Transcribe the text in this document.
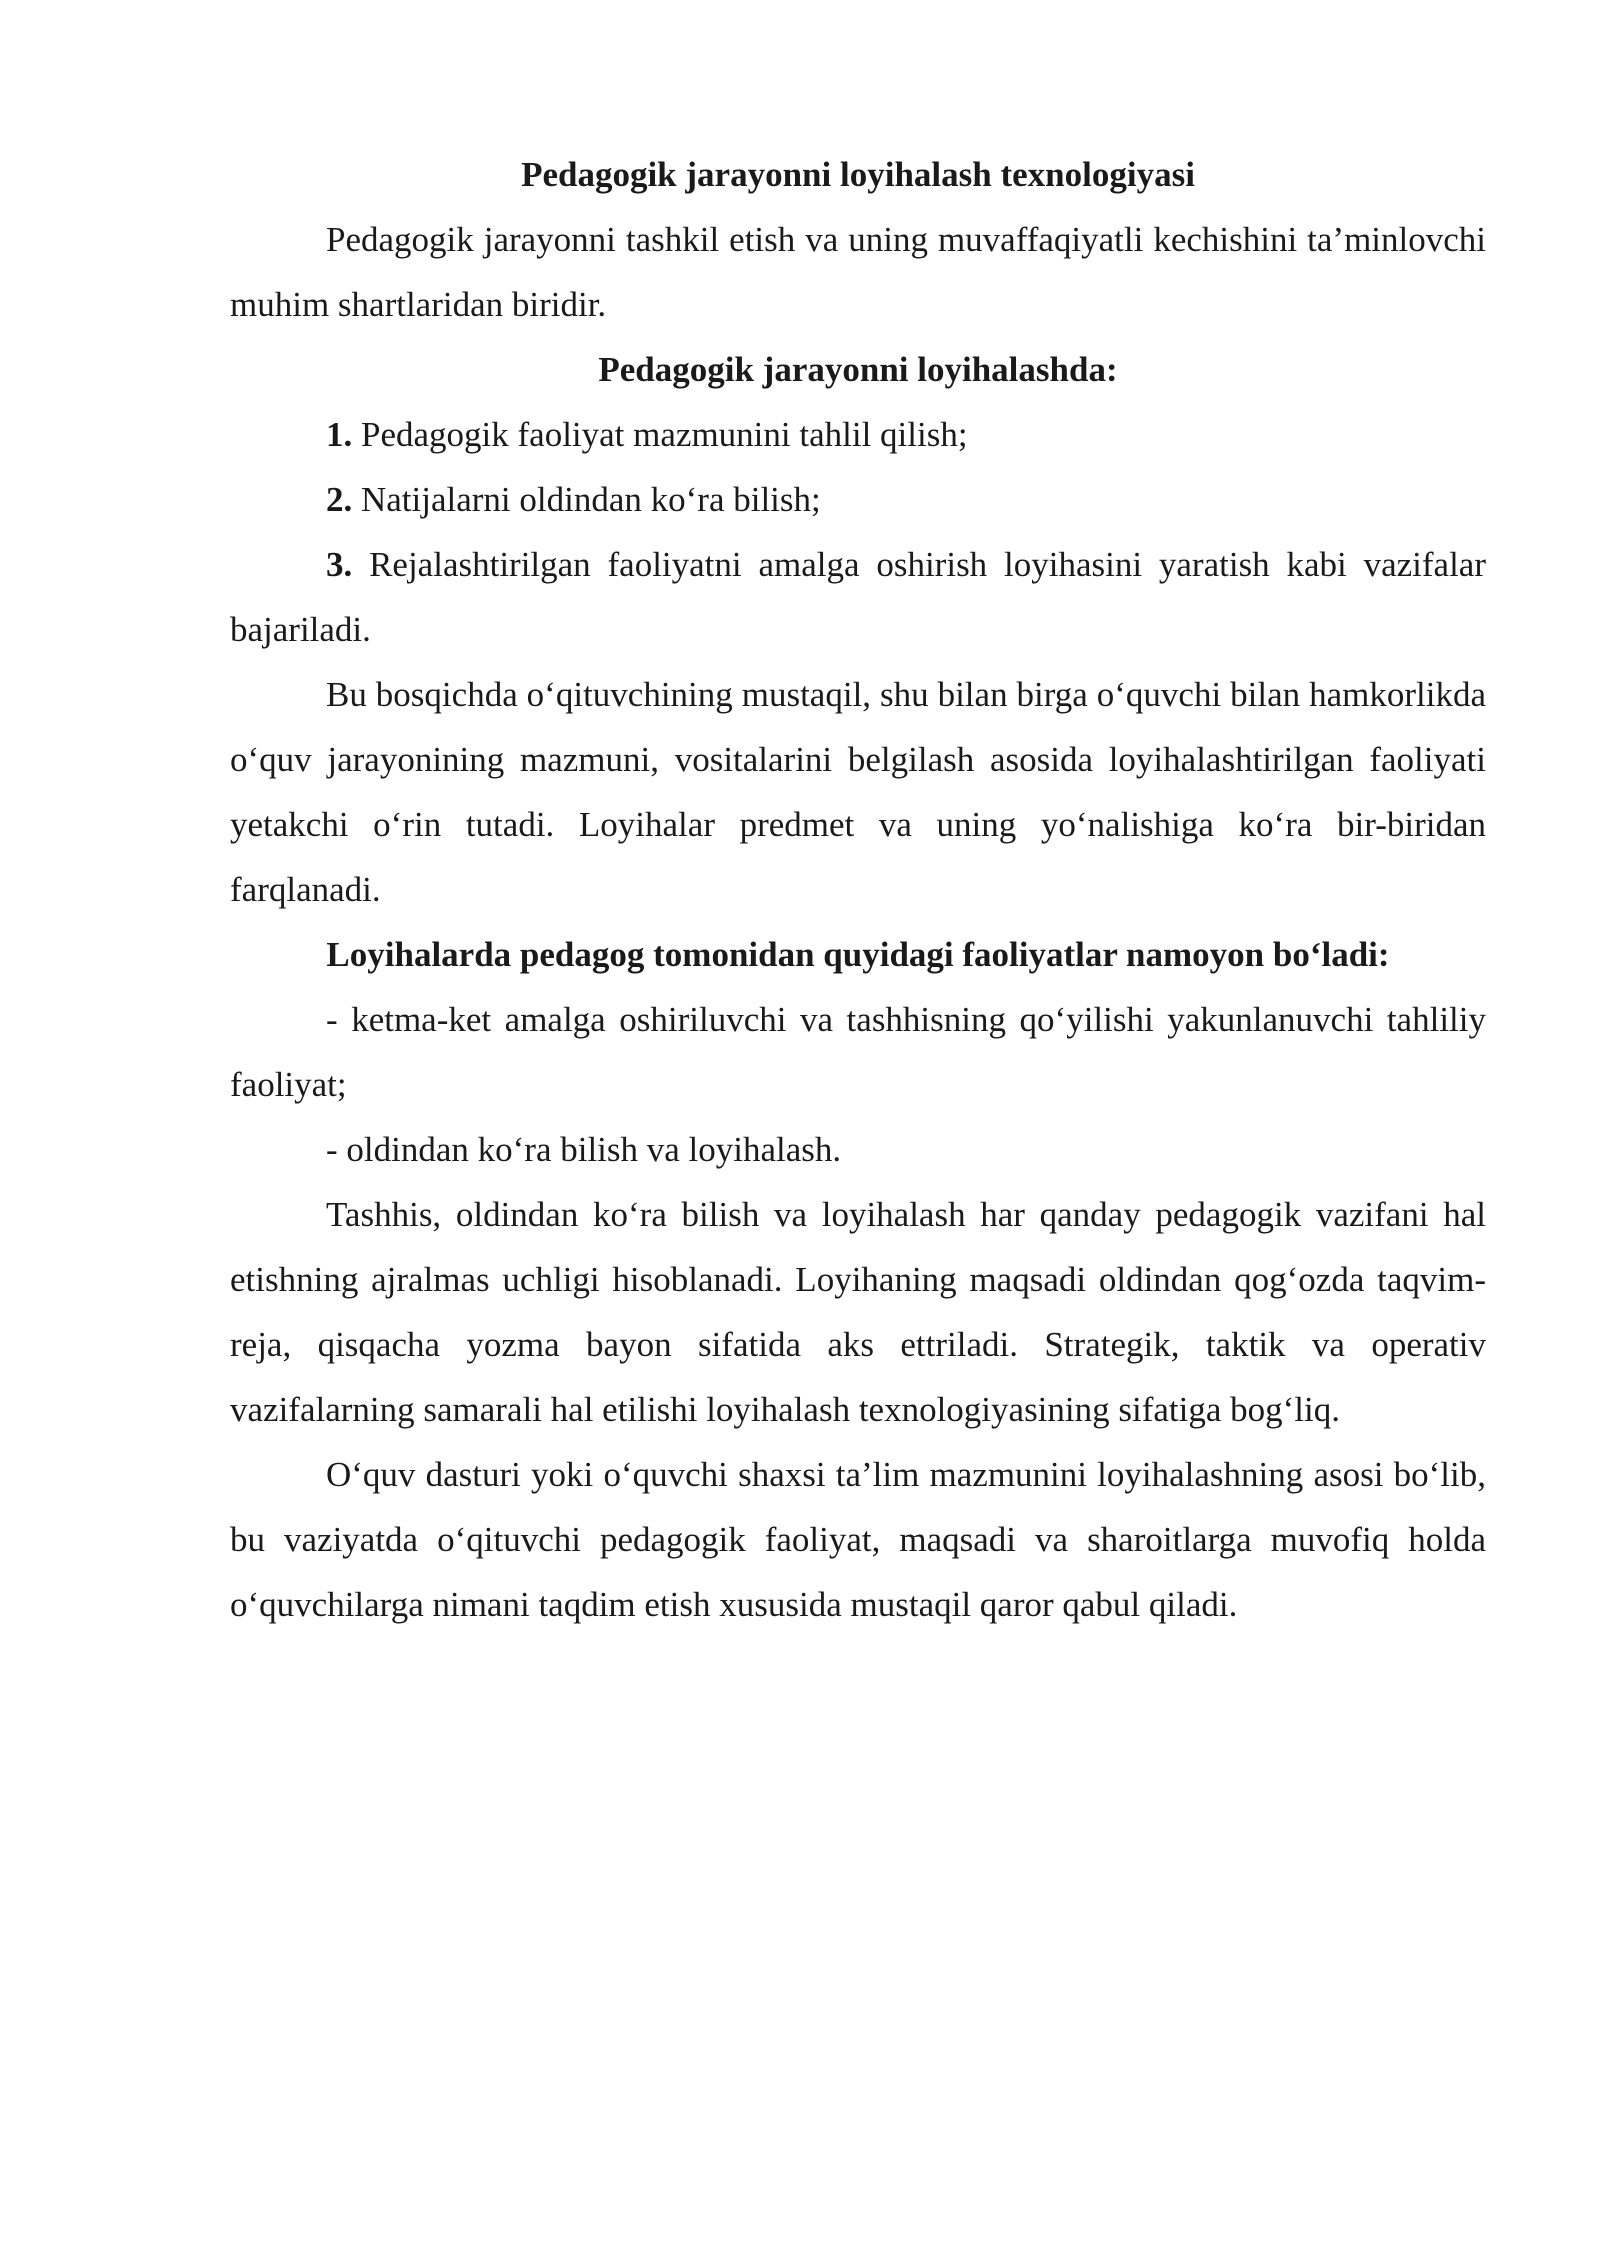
Pedagogik jarayonni loyihalash texnologiyasi

Pedagogik jarayonni tashkil etish va uning muvaffaqiyatli kechishini ta’minlovchi muhim shartlaridan biridir.

Pedagogik jarayonni loyihalashda:

1. Pedagogik faoliyat mazmunini tahlil qilish;

2. Natijalarni oldindan ko‘ra bilish;

3. Rejalashtirilgan faoliyatni amalga oshirish loyihasini yaratish kabi vazifalar bajariladi.

Bu bosqichda o‘qituvchining mustaqil, shu bilan birga o‘quvchi bilan hamkorlikda o‘quv jarayonining mazmuni, vositalarini belgilash asosida loyihalashtirilgan faoliyati yetakchi o‘rin tutadi. Loyihalar predmet va uning yo‘nalishiga ko‘ra bir-biridan farqlanadi.

Loyihalarda pedagog tomonidan quyidagi faoliyatlar namoyon bo‘ladi:

- ketma-ket amalga oshiriluvchi va tashhisning qo‘yilishi yakunlanuvchi tahliliy faoliyat;

- oldindan ko‘ra bilish va loyihalash.

Tashhis, oldindan ko‘ra bilish va loyihalash har qanday pedagogik vazifani hal etishning ajralmas uchligi hisoblanadi. Loyihaning maqsadi oldindan qog‘ozda taqvim-reja, qisqacha yozma bayon sifatida aks ettriladi. Strategik, taktik va operativ vazifalarning samarali hal etilishi loyihalash texnologiyasining sifatiga bog‘liq.

O‘quv dasturi yoki o‘quvchi shaxsi ta’lim mazmunini loyihalashning asosi bo‘lib, bu vaziyatda o‘qituvchi pedagogik faoliyat, maqsadi va sharoitlarga muvofiq holda o‘quvchilarga nimani taqdim etish xususida mustaqil qaror qabul qiladi.
